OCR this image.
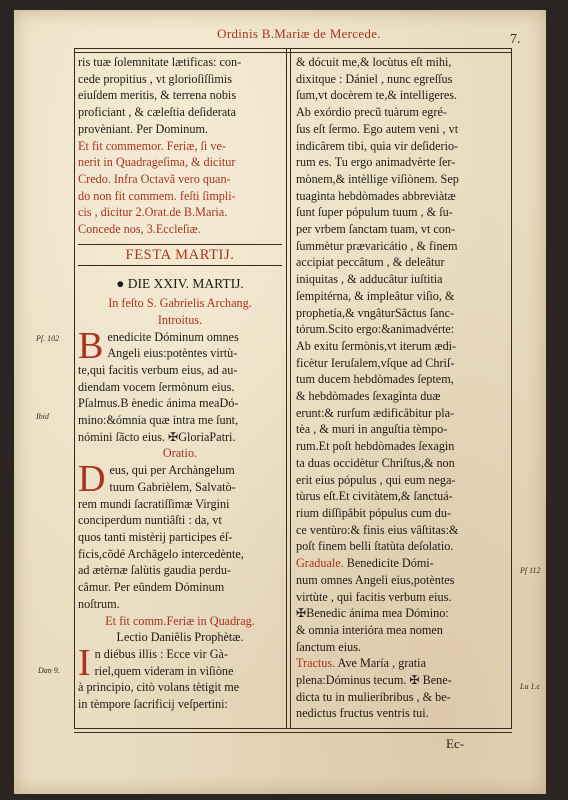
Ordinis B.Mariæ de Mercede.	7.
Pſ. 102
Ibid
Dan 9.
Pſ 112
Lu 1.c
ris tuæ ſolemnitate lætificas: con-
cede propitius , vt glorioſiſſimis
eiuſdem meritis, & terrena nobis
proficiant , & cæleſtia deſiderata
provèniant. Per Dominum.
Et fit commemor. Feriæ, ſi ve-
nerit in Quadrageſima, & dicitur
Credo. Infra Octavã vero quan-
do non fit commem. feſti ſimpli-
cis , dicitur 2.Orat.de B.Maria.
Concede nos, 3.Eccleſiæ.
FESTA MARTIJ.
● DIE XXIV. MARTIJ.
In feſto S. Gabrielis Archang.
Introitus.
B enedicite Dóminum omnes
Angeli eius:potèntes virtù-
te,qui facitis verbum eius, ad au-
diendam vocem ſermònum eius.
Pſalmus.B ènedic ánima meaDó-
mino:&ómnia quæ intra me ſunt,
nómini ſãcto eius. ✠GloriaPatri.
Oratio.
D eus, qui per Archàngelum
tuum Gabrièlem, Salvatò-
rem mundi ſacratiſſimæ Virgini
conciperdum nuntiâſti : da, vt
quos tanti mistèrij participes éſ-
ficis,cõdé Archãgelo intercedènte,
ad ætèrnæ ſalùtis gaudia perdu-
câmur. Per eũndem Dóminum
noſtrum.
Et fit comm.Feriæ in Quadrag.
Lectio Daniêlis Prophètæ.
I n diébus illis : Ecce vir Gà-
riel,quem videram in viſiòne
à principio, citò volans tètigit me
in tèmpore ſacrificij veſpertini:
& dócuit me,& locùtus eſt mihi,
dixitque : Dániel , nunc egreſſus
ſum,vt docèrem te,& intelligeres.
Ab exórdio precũ tuàrum egré-
ſus eſt ſermo. Ego autem veni , vt
indicârem tibi, quia vir deſiderio-
rum es. Tu ergo animadvèrte ſer-
mònem,& intèllige viſiònem. Sep
tuagìnta hebdòmades abbreviàtæ
ſunt ſuper pópulum tuum , & ſu-
per vrbem ſanctam tuam, vt con-
ſummètur prævaricátio , & finem
accipiat peccâtum , & deleâtur
iniquitas , & adducâtur iuſtitia
ſempitérna, & impleâtur viſio, &
prophetía,& vngâturSãctus ſanc-
tórum.Scito ergo:&animadvérte:
Ab exitu ſermònis,vt iterum ædi-
ficètur Ieruſalem,vſque ad Chriſ-
tum ducem hebdòmades ſeptem,
& hebdòmades ſexagìnta duæ
erunt:& rurſum ædificâbitur pla-
tèa , & muri in anguſtia tèmpo-
rum.Et poſt hebdòmades ſexagin
ta duas occidètur Chriſtus,& non
erit eius pópulus , qui eum nega-
tùrus eſt.Et civitàtem,& ſanctuá-
rium diſſipâbit pópulus cum du-
ce ventùro:& finis eius vâſtitas:&
poſt finem belli ſtatùta deſolatio.
Graduale. Benedicite Dómi-
num omnes Angeli eius,potèntes
virtùte , qui facitis verbum eius.
✠Benedic ánima mea Dómino:
& omnia interióra mea nomen
ſanctum eius.
Tractus. Ave María , gratia
plena:Dóminus tecum. ✠ Bene-
dicta tu in mulieríbribus , & be-
nedictus fructus ventris tui.
Ec-
